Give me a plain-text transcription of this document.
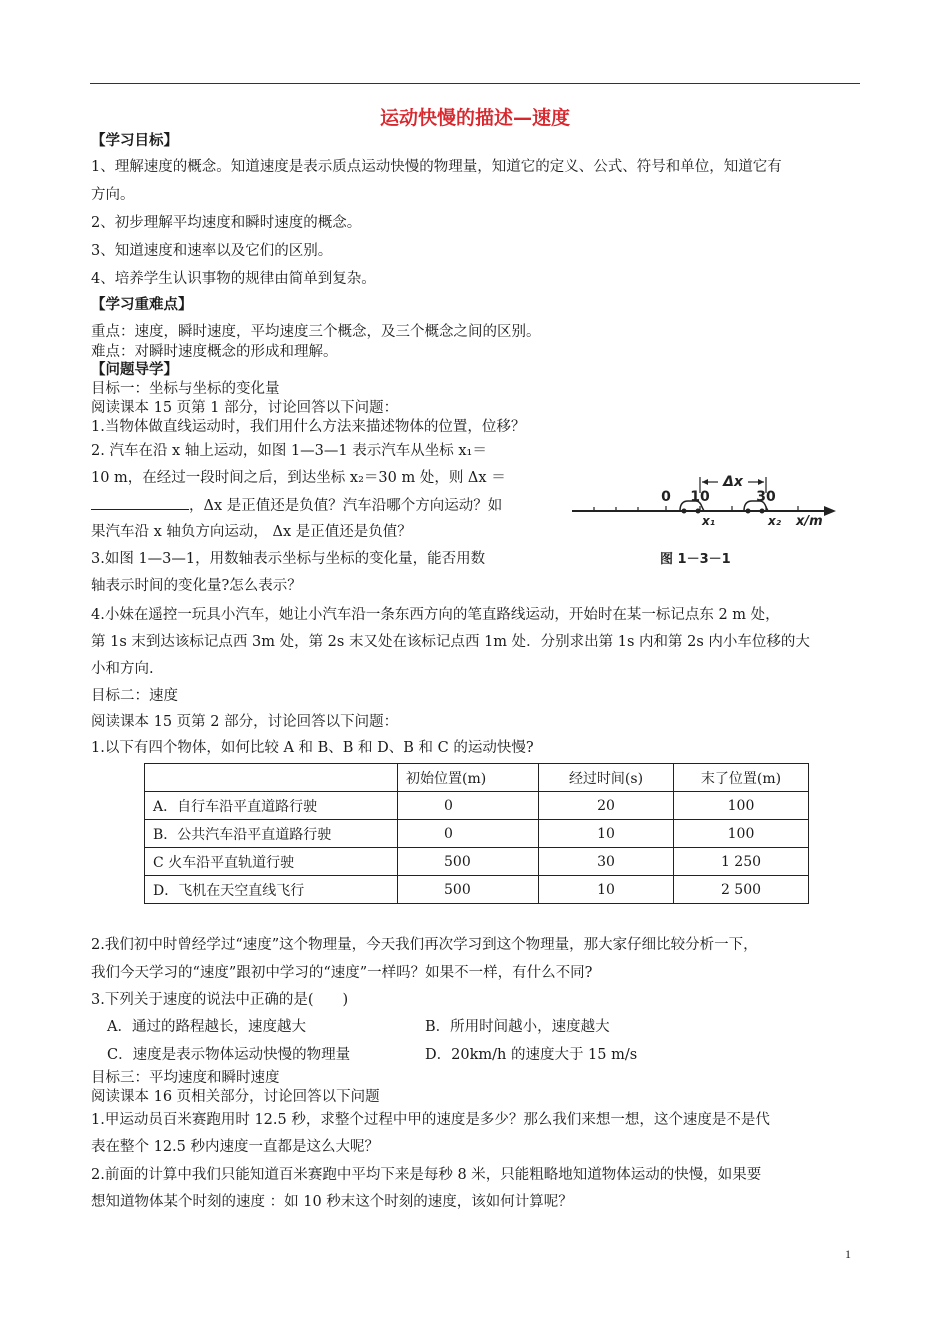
运动快慢的描述—速度
【学习目标】
1、理解速度的概念。知道速度是表示质点运动快慢的物理量，知道它的定义、公式、符号和单位，知道它有
方向。
2、初步理解平均速度和瞬时速度的概念。
3、知道速度和速率以及它们的区别。
4、培养学生认识事物的规律由简单到复杂。
【学习重难点】
重点：速度，瞬时速度，平均速度三个概念，及三个概念之间的区别。
难点：对瞬时速度概念的形成和理解。
【问题导学】
目标一：坐标与坐标的变化量
阅读课本 15 页第 1 部分，讨论回答以下问题：
1.当物体做直线运动时，我们用什么方法来描述物体的位置，位移？
2. 汽车在沿 x 轴上运动，如图 1—3—1 表示汽车从坐标 x₁＝
10 m，在经过一段时间之后，到达坐标 x₂＝30 m 处，则 Δx ＝
，Δx 是正值还是负值？汽车沿哪个方向运动？如
果汽车沿 x 轴负方向运动， Δx 是正值还是负值？
3.如图 1—3—1，用数轴表示坐标与坐标的变化量，能否用数
轴表示时间的变化量?怎么表示？
Δx
0 10	30
x₁	x₂ x/m
图 1－3－1
4.小妹在遥控一玩具小汽车，她让小汽车沿一条东西方向的笔直路线运动，开始时在某一标记点东 2 m 处，
第 1s 末到达该标记点西 3m 处，第 2s 末又处在该标记点西 1m 处．分别求出第 1s 内和第 2s 内小车位移的大
小和方向.
目标二：速度
阅读课本 15 页第 2 部分，讨论回答以下问题：
1.以下有四个物体，如何比较 A 和 B、B 和 D、B 和 C 的运动快慢?
	初始位置(m)	经过时间(s)	末了位置(m)
A．自行车沿平直道路行驶	0	20	100
B．公共汽车沿平直道路行驶	0	10	100
C 火车沿平直轨道行驶	500	30	1 250
D．飞机在天空直线飞行	500	10	2 500
2.我们初中时曾经学过“速度”这个物理量，今天我们再次学习到这个物理量，那大家仔细比较分析一下，
我们今天学习的“速度”跟初中学习的“速度”一样吗？如果不一样，有什么不同?
3.下列关于速度的说法中正确的是(　　)
A．通过的路程越长，速度越大	B．所用时间越小，速度越大
C．速度是表示物体运动快慢的物理量	D．20km/h 的速度大于 15 m/s
目标三：平均速度和瞬时速度
阅读课本 16 页相关部分，讨论回答以下问题
1.甲运动员百米赛跑用时 12.5 秒，求整个过程中甲的速度是多少？那么我们来想一想，这个速度是不是代
表在整个 12.5 秒内速度一直都是这么大呢？
2.前面的计算中我们只能知道百米赛跑中平均下来是每秒 8 米，只能粗略地知道物体运动的快慢，如果要
想知道物体某个时刻的速度 ：如 10 秒末这个时刻的速度，该如何计算呢？
1
